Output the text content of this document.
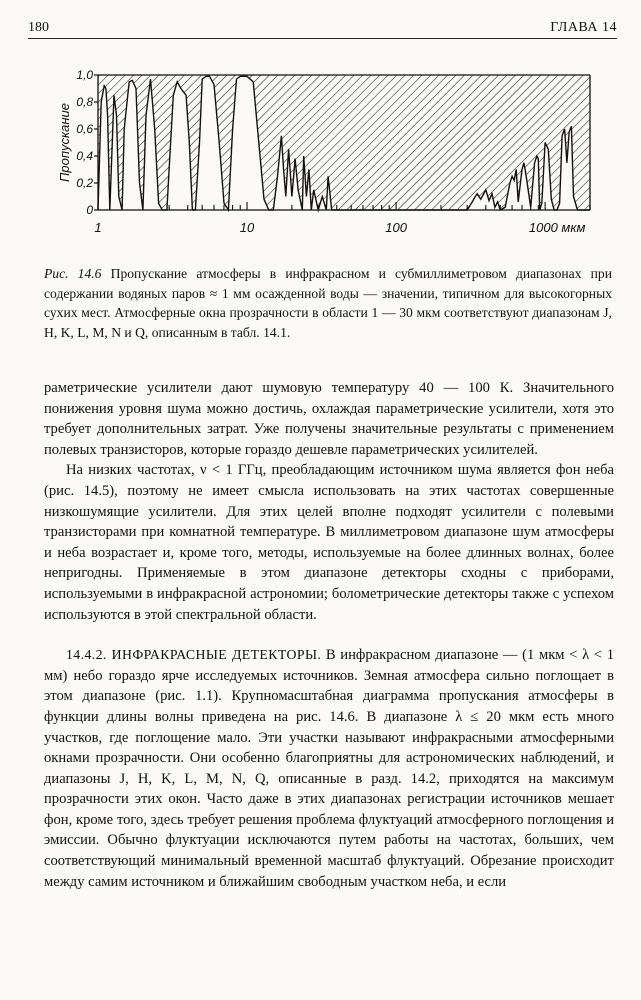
180	ГЛАВА 14
0
0,2
0,4
0,6
0,8
1,0
1	10	100	1000 мкм
Пропускание
Рис. 14.6 Пропускание атмосферы в инфракрасном и субмиллиметровом диапазонах при содержании водяных паров ≈ 1 мм осажденной воды — значении, типичном для высокогорных сухих мест. Атмосферные окна прозрачности в области 1 — 30 мкм соответствуют диапазонам J, H, K, L, M, N и Q, описанным в табл. 14.1.

раметрические усилители дают шумовую температуру 40 — 100 К. Значительного понижения уровня шума можно достичь, охлаждая параметрические усилители, хотя это требует дополнительных затрат. Уже получены значительные результаты с применением полевых транзисторов, которые гораздо дешевле параметрических усилителей.

На низких частотах, ν < 1 ГГц, преобладающим источником шума является фон неба (рис. 14.5), поэтому не имеет смысла использовать на этих частотах совершенные низкошумящие усилители. Для этих целей вполне подходят усилители с полевыми транзисторами при комнатной температуре. В миллиметровом диапазоне шум атмосферы и неба возрастает и, кроме того, методы, используемые на более длинных волнах, более непригодны. Применяемые в этом диапазоне детекторы сходны с приборами, используемыми в инфракрасной астрономии; болометрические детекторы также с успехом используются в этой спектральной области.

14.4.2. ИНФРАКРАСНЫЕ ДЕТЕКТОРЫ. В инфракрасном диапазоне — (1 мкм < λ < 1 мм) небо гораздо ярче исследуемых источников. Земная атмосфера сильно поглощает в этом диапазоне (рис. 1.1). Крупномасштабная диаграмма пропускания атмосферы в функции длины волны приведена на рис. 14.6. В диапазоне λ ≤ 20 мкм есть много участков, где поглощение мало. Эти участки называют инфракрасными атмосферными окнами прозрачности. Они особенно благоприятны для астрономических наблюдений, и диапазоны J, H, K, L, M, N, Q, описанные в разд. 14.2, приходятся на максимум прозрачности этих окон. Часто даже в этих диапазонах регистрации источников мешает фон, кроме того, здесь требует решения проблема флуктуаций атмосферного поглощения и эмиссии. Обычно флуктуации исключаются путем работы на частотах, больших, чем соответствующий минимальный временной масштаб флуктуаций. Обрезание происходит между самим источником и ближайшим свободным участком неба, и если
